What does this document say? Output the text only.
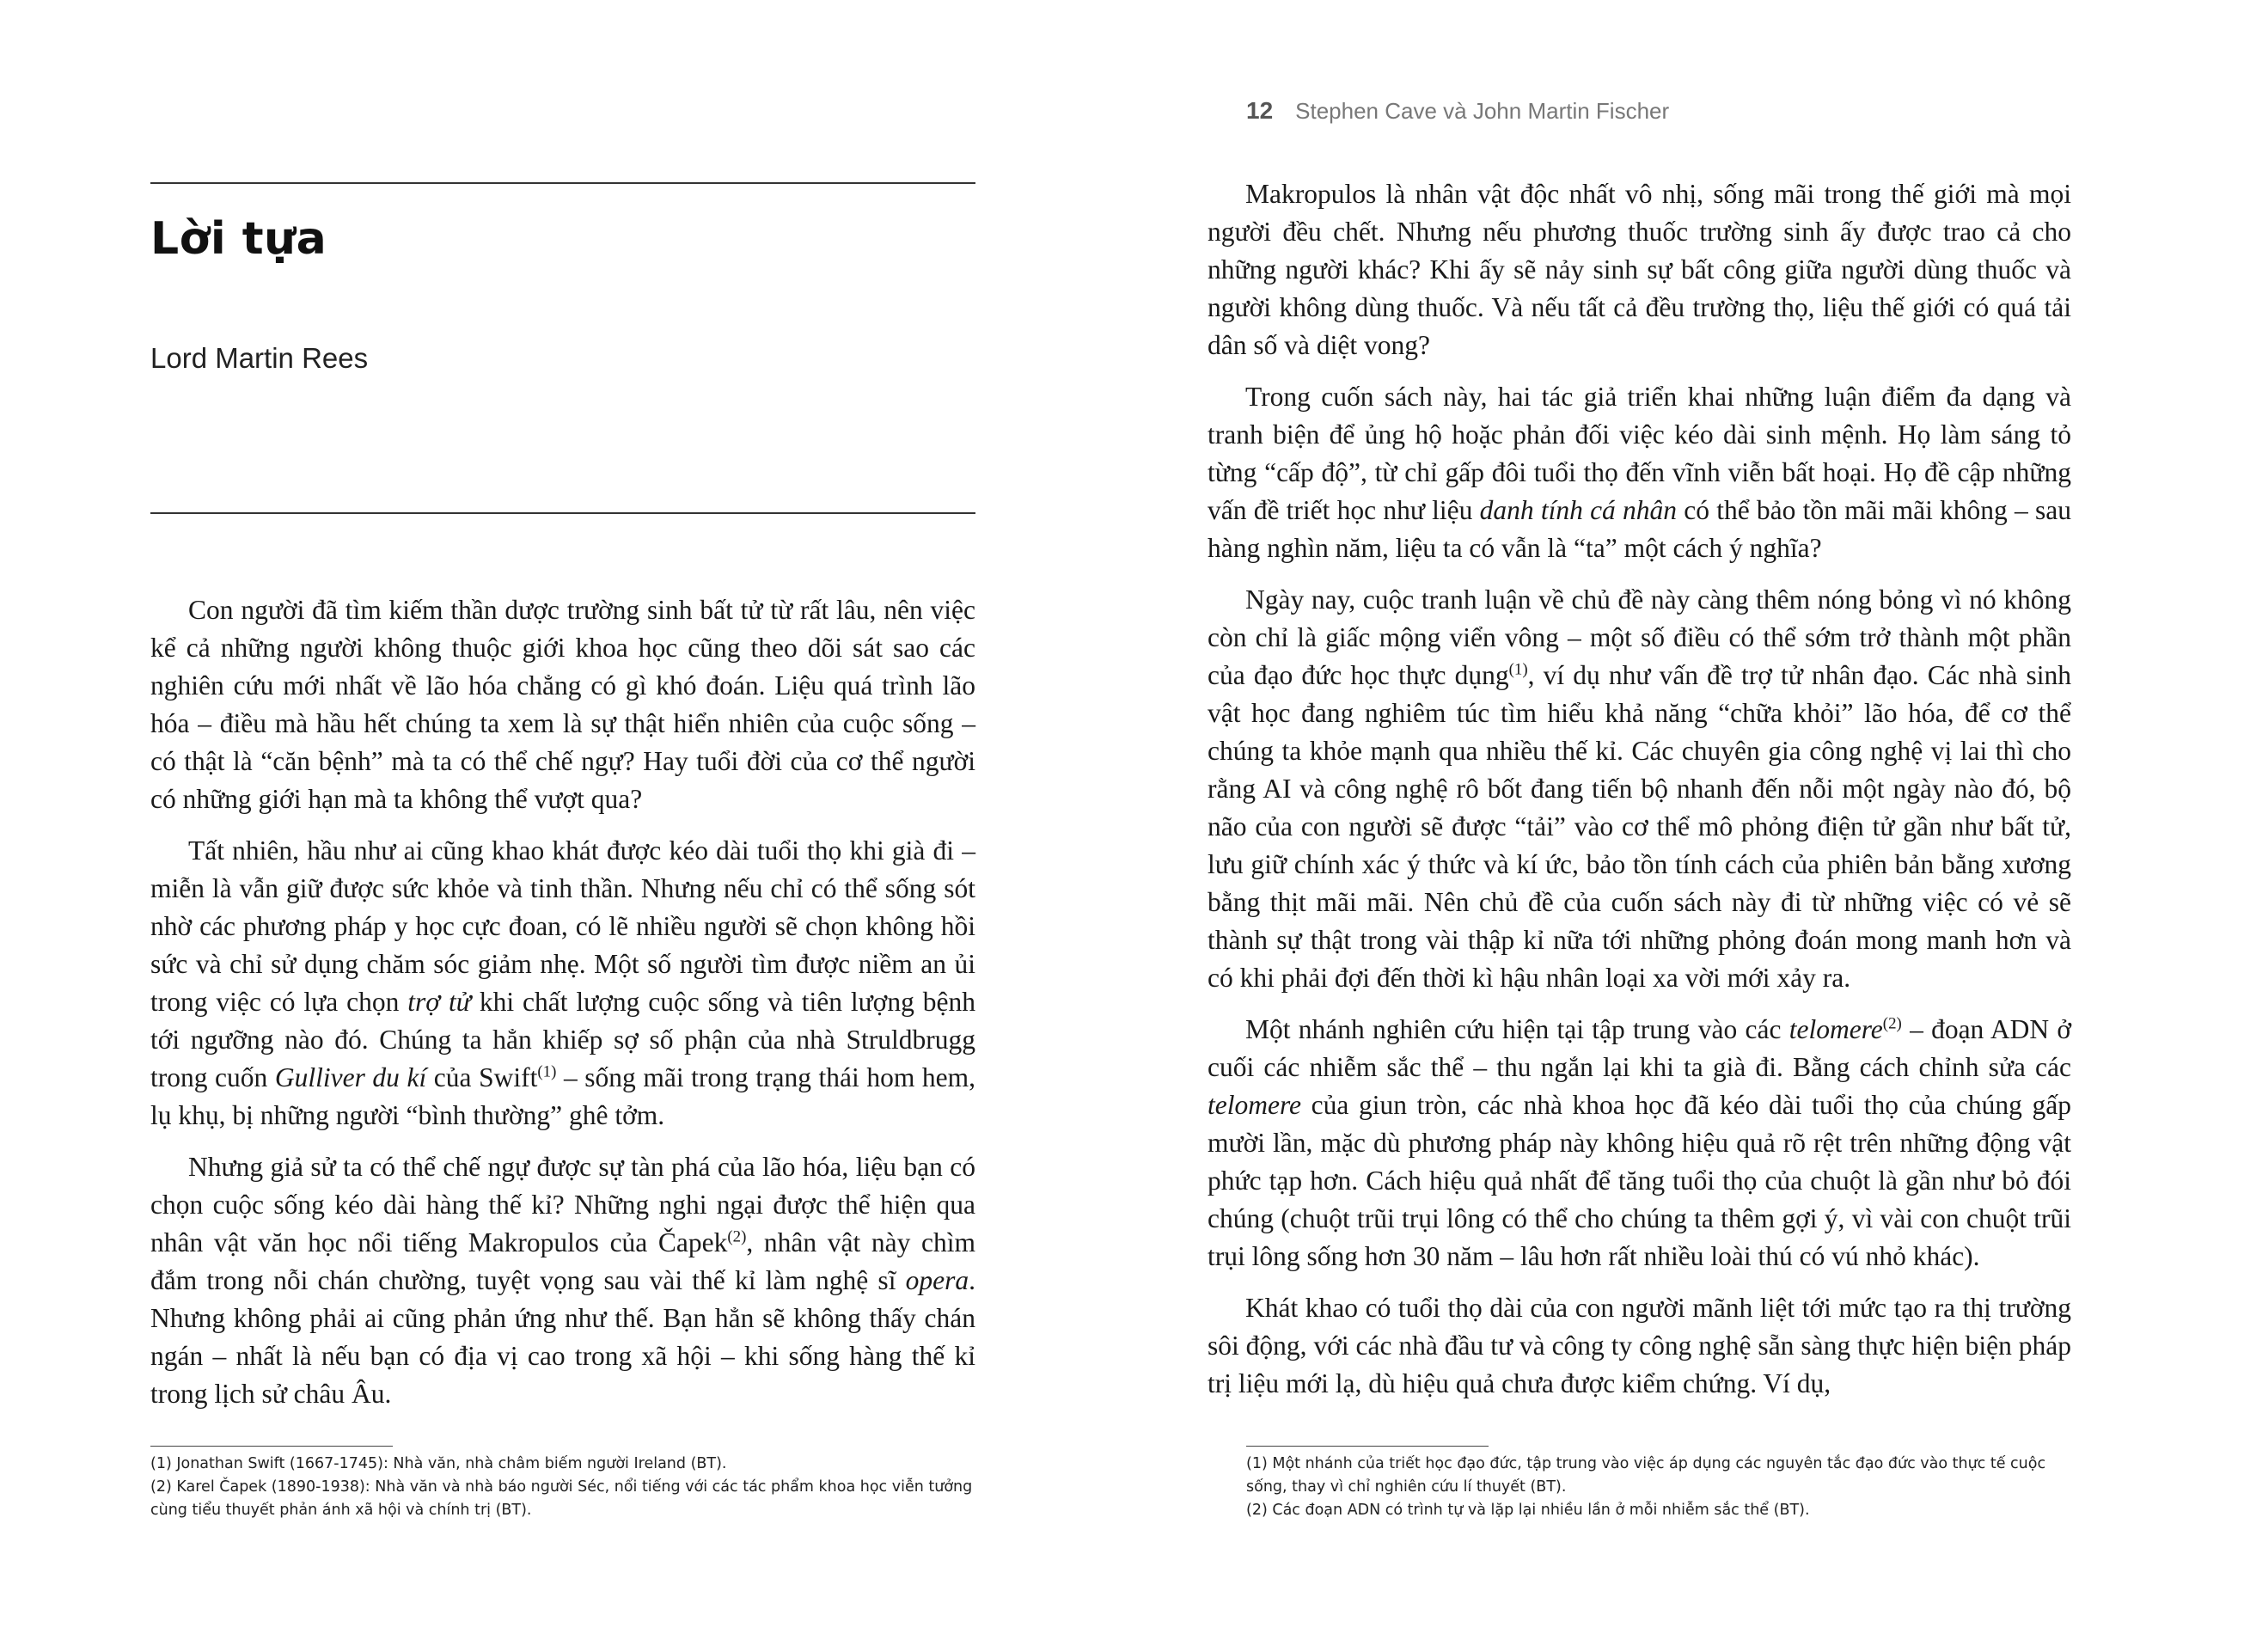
Lời tựa
Lord Martin Rees

Con người đã tìm kiếm thần dược trường sinh bất tử từ rất lâu, nên việc kể cả những người không thuộc giới khoa học cũng theo dõi sát sao các nghiên cứu mới nhất về lão hóa chẳng có gì khó đoán. Liệu quá trình lão hóa – điều mà hầu hết chúng ta xem là sự thật hiển nhiên của cuộc sống – có thật là “căn bệnh” mà ta có thể chế ngự? Hay tuổi đời của cơ thể người có những giới hạn mà ta không thể vượt qua?

Tất nhiên, hầu như ai cũng khao khát được kéo dài tuổi thọ khi già đi – miễn là vẫn giữ được sức khỏe và tinh thần. Nhưng nếu chỉ có thể sống sót nhờ các phương pháp y học cực đoan, có lẽ nhiều người sẽ chọn không hồi sức và chỉ sử dụng chăm sóc giảm nhẹ. Một số người tìm được niềm an ủi trong việc có lựa chọn trợ tử khi chất lượng cuộc sống và tiên lượng bệnh tới ngưỡng nào đó. Chúng ta hẳn khiếp sợ số phận của nhà Struldbrugg trong cuốn Gulliver du kí của Swift$^{(1)}$ – sống mãi trong trạng thái hom hem, lụ khụ, bị những người “bình thường” ghê tởm.

Nhưng giả sử ta có thể chế ngự được sự tàn phá của lão hóa, liệu bạn có chọn cuộc sống kéo dài hàng thế kỉ? Những nghi ngại được thể hiện qua nhân vật văn học nổi tiếng Makropulos của Čapek$^{(2)}$, nhân vật này chìm đắm trong nỗi chán chường, tuyệt vọng sau vài thế kỉ làm nghệ sĩ opera. Nhưng không phải ai cũng phản ứng như thế. Bạn hẳn sẽ không thấy chán ngán – nhất là nếu bạn có địa vị cao trong xã hội – khi sống hàng thế kỉ trong lịch sử châu Âu.

(1) Jonathan Swift (1667-1745): Nhà văn, nhà châm biếm người Ireland (BT).

(2) Karel Čapek (1890-1938): Nhà văn và nhà báo người Séc, nổi tiếng với các tác phẩm khoa học viễn tưởng cùng tiểu thuyết phản ánh xã hội và chính trị (BT).

12 Stephen Cave và John Martin Fischer

Makropulos là nhân vật độc nhất vô nhị, sống mãi trong thế giới mà mọi người đều chết. Nhưng nếu phương thuốc trường sinh ấy được trao cả cho những người khác? Khi ấy sẽ nảy sinh sự bất công giữa người dùng thuốc và người không dùng thuốc. Và nếu tất cả đều trường thọ, liệu thế giới có quá tải dân số và diệt vong?

Trong cuốn sách này, hai tác giả triển khai những luận điểm đa dạng và tranh biện để ủng hộ hoặc phản đối việc kéo dài sinh mệnh. Họ làm sáng tỏ từng “cấp độ”, từ chỉ gấp đôi tuổi thọ đến vĩnh viễn bất hoại. Họ đề cập những vấn đề triết học như liệu danh tính cá nhân có thể bảo tồn mãi mãi không – sau hàng nghìn năm, liệu ta có vẫn là “ta” một cách ý nghĩa?

Ngày nay, cuộc tranh luận về chủ đề này càng thêm nóng bỏng vì nó không còn chỉ là giấc mộng viển vông – một số điều có thể sớm trở thành một phần của đạo đức học thực dụng$^{(1)}$, ví dụ như vấn đề trợ tử nhân đạo. Các nhà sinh vật học đang nghiêm túc tìm hiểu khả năng “chữa khỏi” lão hóa, để cơ thể chúng ta khỏe mạnh qua nhiều thế kỉ. Các chuyên gia công nghệ vị lai thì cho rằng AI và công nghệ rô bốt đang tiến bộ nhanh đến nỗi một ngày nào đó, bộ não của con người sẽ được “tải” vào cơ thể mô phỏng điện tử gần như bất tử, lưu giữ chính xác ý thức và kí ức, bảo tồn tính cách của phiên bản bằng xương bằng thịt mãi mãi. Nên chủ đề của cuốn sách này đi từ những việc có vẻ sẽ thành sự thật trong vài thập kỉ nữa tới những phỏng đoán mong manh hơn và có khi phải đợi đến thời kì hậu nhân loại xa vời mới xảy ra.

Một nhánh nghiên cứu hiện tại tập trung vào các telomere$^{(2)}$ – đoạn ADN ở cuối các nhiễm sắc thể – thu ngắn lại khi ta già đi. Bằng cách chỉnh sửa các telomere của giun tròn, các nhà khoa học đã kéo dài tuổi thọ của chúng gấp mười lần, mặc dù phương pháp này không hiệu quả rõ rệt trên những động vật phức tạp hơn. Cách hiệu quả nhất để tăng tuổi thọ của chuột là gần như bỏ đói chúng (chuột trũi trụi lông có thể cho chúng ta thêm gợi ý, vì vài con chuột trũi trụi lông sống hơn 30 năm – lâu hơn rất nhiều loài thú có vú nhỏ khác).

Khát khao có tuổi thọ dài của con người mãnh liệt tới mức tạo ra thị trường sôi động, với các nhà đầu tư và công ty công nghệ sẵn sàng thực hiện biện pháp trị liệu mới lạ, dù hiệu quả chưa được kiểm chứng. Ví dụ,

(1) Một nhánh của triết học đạo đức, tập trung vào việc áp dụng các nguyên tắc đạo đức vào thực tế cuộc sống, thay vì chỉ nghiên cứu lí thuyết (BT).

(2) Các đoạn ADN có trình tự và lặp lại nhiều lần ở mỗi nhiễm sắc thể (BT).
